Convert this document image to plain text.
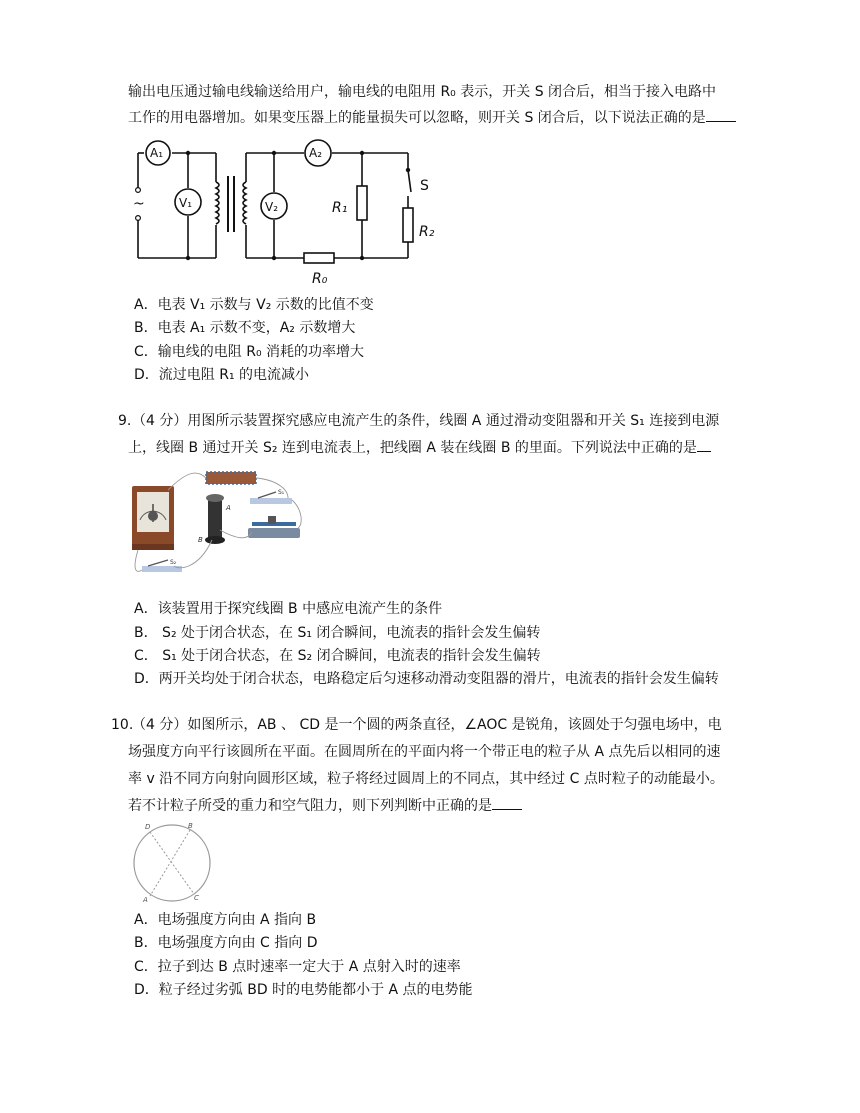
输出电压通过输电线输送给用户，输电线的电阻用 R₀ 表示，开关 S 闭合后，相当于接入电路中
工作的用电器增加。如果变压器上的能量损失可以忽略，则开关 S 闭合后，以下说法正确的是
A₁
V₁	V₂
A₂
~	R₁
R₂
R₀
S
A．电表 V₁ 示数与 V₂ 示数的比值不变
B．电表 A₁ 示数不变，A₂ 示数增大
C．输电线的电阻 R₀ 消耗的功率增大
D．流过电阻 R₁ 的电流减小
9. （4 分）用图所示装置探究感应电流产生的条件，线圈 A 通过滑动变阻器和开关 S₁ 连接到电源
上，线圈 B 通过开关 S₂ 连到电流表上，把线圈 A 装在线圈 B 的里面。下列说法中正确的是
A
B
S₁
S₂
A．该装置用于探究线圈 B 中感应电流产生的条件
B． S₂ 处于闭合状态，在 S₁ 闭合瞬间，电流表的指针会发生偏转
C． S₁ 处于闭合状态，在 S₂ 闭合瞬间，电流表的指针会发生偏转
D．两开关均处于闭合状态，电路稳定后匀速移动滑动变阻器的滑片，电流表的指针会发生偏转
10.
（4 分）如图所示，AB 、 CD 是一个圆的两条直径，∠AOC 是锐角，该圆处于匀强电场中，电
场强度方向平行该圆所在平面。在圆周所在的平面内将一个带正电的粒子从 A 点先后以相同的速
率 v 沿不同方向射向圆形区域，粒子将经过圆周上的不同点，其中经过 C 点时粒子的动能最小。
若不计粒子所受的重力和空气阻力，则下列判断中正确的是
D	B
A	C
A．电场强度方向由 A 指向 B
B．电场强度方向由 C 指向 D
C．拉子到达 B 点时速率一定大于 A 点射入时的速率
D．粒子经过劣弧 BD 时的电势能都小于 A 点的电势能
